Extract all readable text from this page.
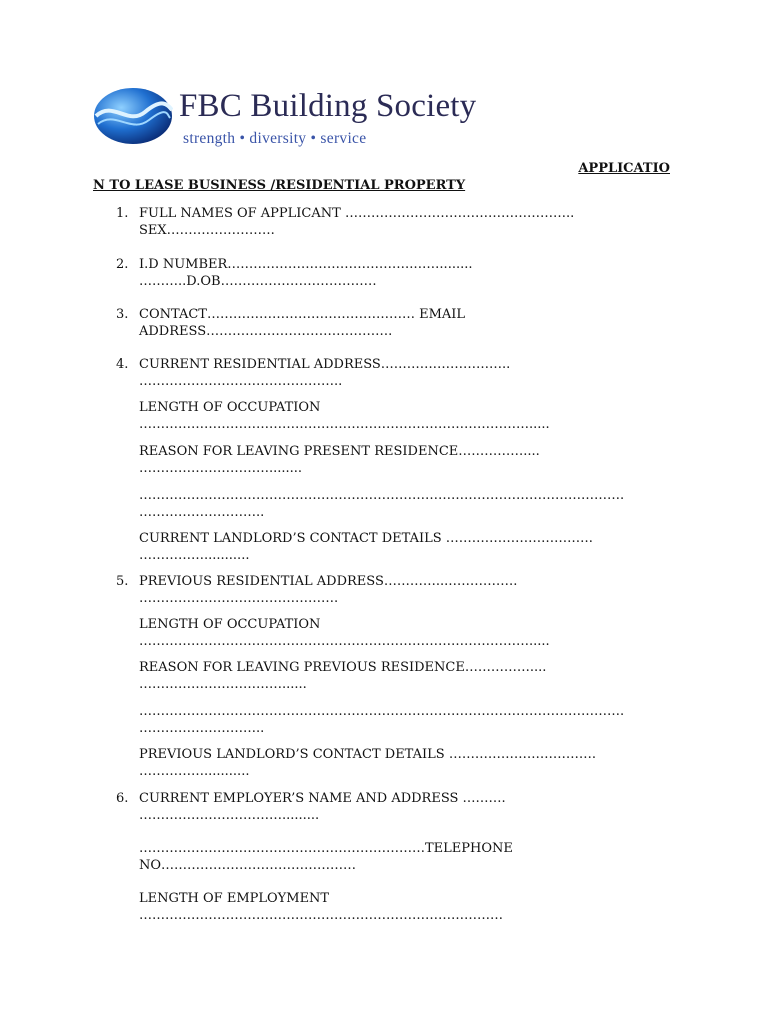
FBC Building Society
strength • diversity • service
APPLICATIO
N TO LEASE BUSINESS /RESIDENTIAL PROPERTY
1. FULL NAMES OF APPLICANT ……………………………………………..
SEX…………………….
2. I.D NUMBER…………………………………….……........
………..D.OB………………………………
3. CONTACT………………………………………… EMAIL
ADDRESS…………………………………….
4. CURRENT RESIDENTIAL ADDRESS………….……………..
………………………………………..
LENGTH OF OCCUPATION
……………………………………………………………………………….....
REASON FOR LEAVING PRESENT RESIDENCE……………....
…………………………........
………………………………………………………………………………………………….
………………………..
CURRENT LANDLORD’S CONTACT DETAILS …………………………….
……………...........
5. PREVIOUS RESIDENTIAL ADDRESS…………...…………….
……………………………………….
LENGTH OF OCCUPATION
……………………………………………………………………………….....
REASON FOR LEAVING PREVIOUS RESIDENCE……………....
……………………………......
………………………………………………………………………………………………….
………………………..
PREVIOUS LANDLORD’S CONTACT DETAILS …………………………….
……………...........
6. CURRENT EMPLOYER’S NAME AND ADDRESS ……….
…………………………….........
…………………………………………………………TELEPHONE
NO………………………………………
LENGTH OF EMPLOYMENT
…………………………………………………………………………
